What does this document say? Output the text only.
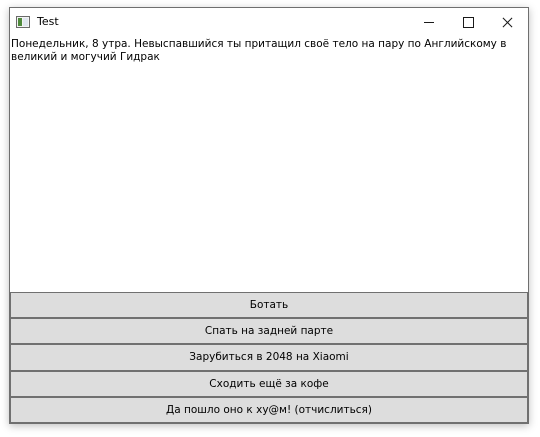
Test

Понедельник, 8 утра. Невыспавшийся ты притащил своё тело на пару по Английскому в великий и могучий Гидрак

Ботать
Спать на задней парте
Зарубиться в 2048 на Xiaomi
Сходить ещё за кофе
Да пошло оно к ху@м! (отчислиться)
